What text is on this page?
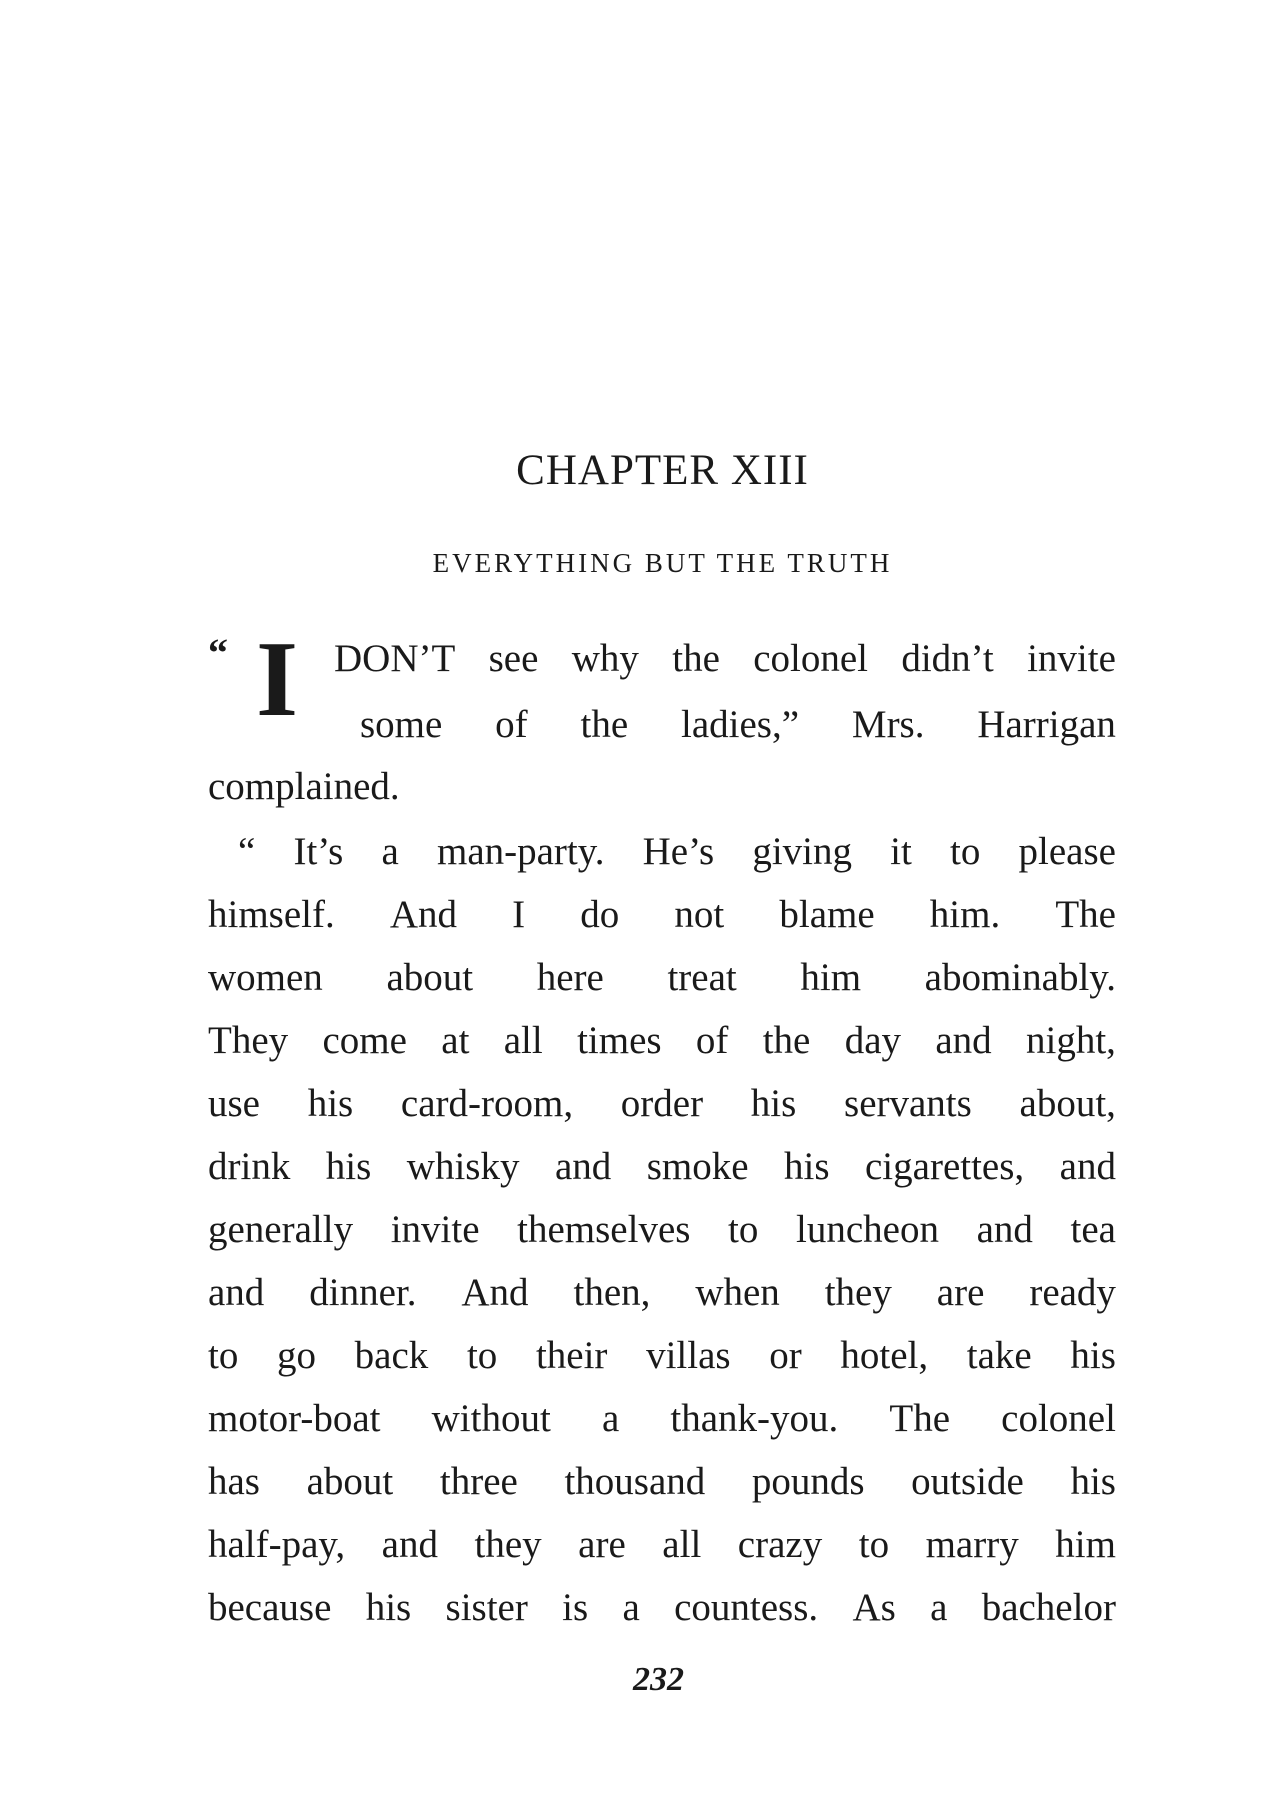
CHAPTER XIII
EVERYTHING BUT THE TRUTH
“ I DON’T see why the colonel didn’t invite
some of the ladies,” Mrs. Harrigan
complained.
“ It’s a man-party. He’s giving it to please
himself. And I do not blame him. The
women about here treat him abominably.
They come at all times of the day and night,
use his card-room, order his servants about,
drink his whisky and smoke his cigarettes, and
generally invite themselves to luncheon and tea
and dinner. And then, when they are ready
to go back to their villas or hotel, take his
motor-boat without a thank-you. The colonel
has about three thousand pounds outside his
half-pay, and they are all crazy to marry him
because his sister is a countess. As a bachelor
232
